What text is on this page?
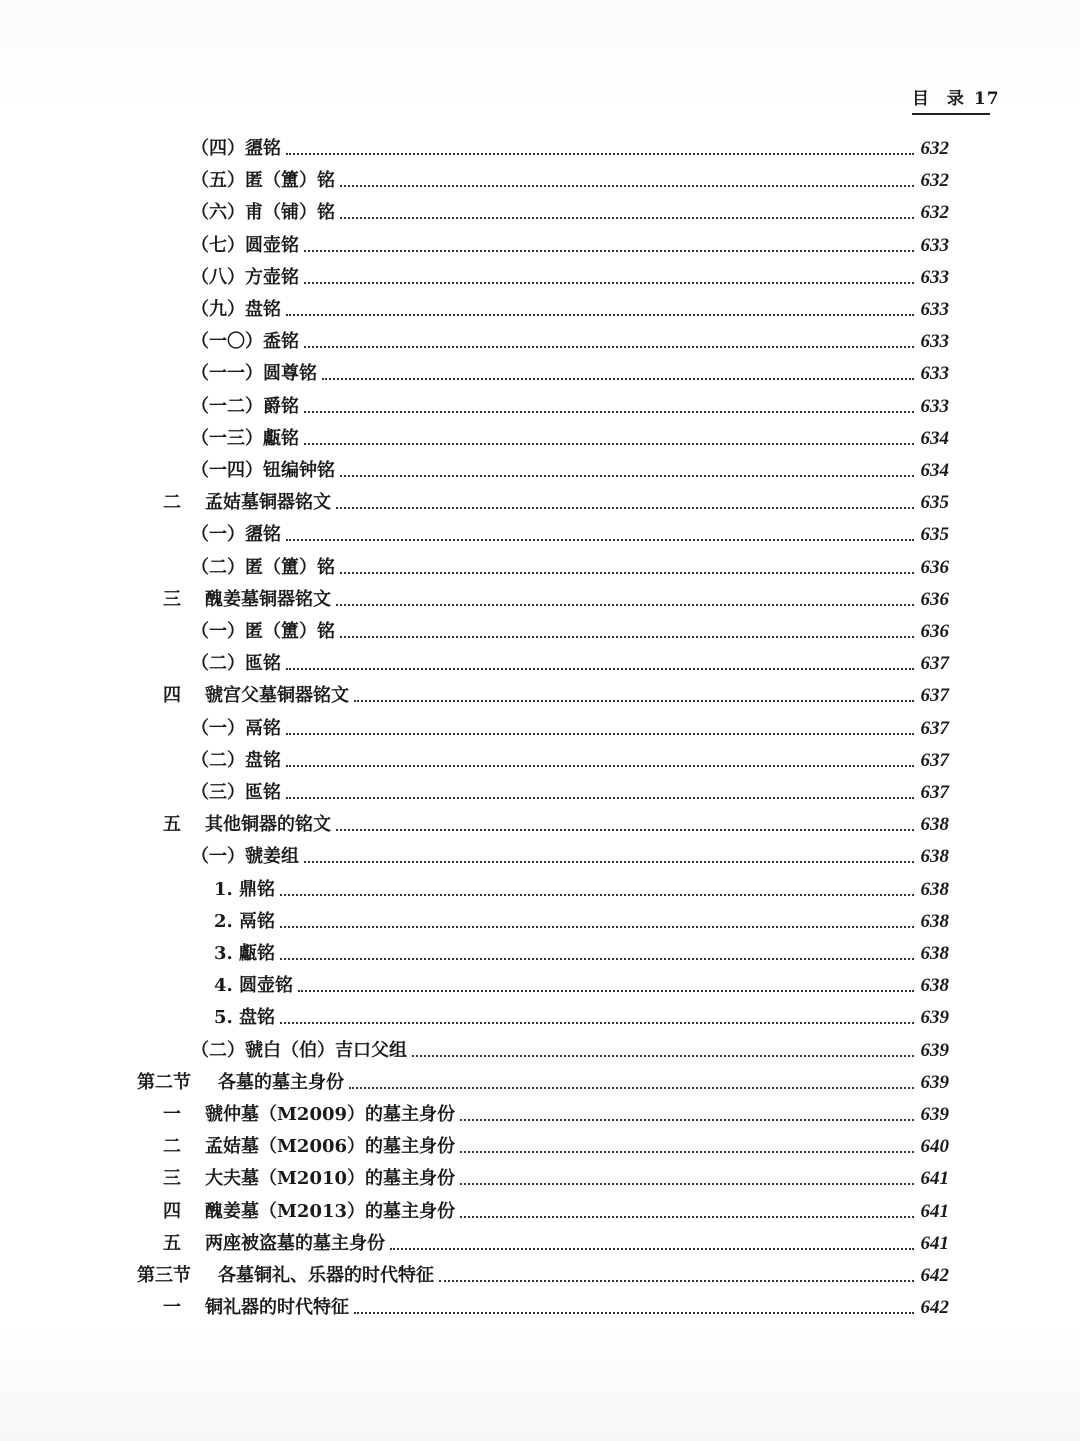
目 录 17
（四）盨铭	632
（五）匿（簠）铭	632
（六）甫（铺）铭	632
（七）圆壶铭	633
（八）方壶铭	633
（九）盘铭	633
（一〇）盉铭	633
（一一）圆尊铭	633
（一二）爵铭	633
（一三）甗铭	634
（一四）钮编钟铭	634
二	孟姞墓铜器铭文	635
（一）盨铭	635
（二）匿（簠）铭	636
三	醜姜墓铜器铭文	636
（一）匿（簠）铭	636
（二）匜铭	637
四	虢宫父墓铜器铭文	637
（一）鬲铭	637
（二）盘铭	637
（三）匜铭	637
五	其他铜器的铭文	638
（一）虢姜组	638
1. 鼎铭	638
2. 鬲铭	638
3. 甗铭	638
4. 圆壶铭	638
5. 盘铭	639
（二）虢白（伯）吉口父组	639
第二节	各墓的墓主身份	639
一	虢仲墓（M2009）的墓主身份	639
二	孟姞墓（M2006）的墓主身份	640
三	大夫墓（M2010）的墓主身份	641
四	醜姜墓（M2013）的墓主身份	641
五	两座被盗墓的墓主身份	641
第三节	各墓铜礼、乐器的时代特征	642
一	铜礼器的时代特征	642
